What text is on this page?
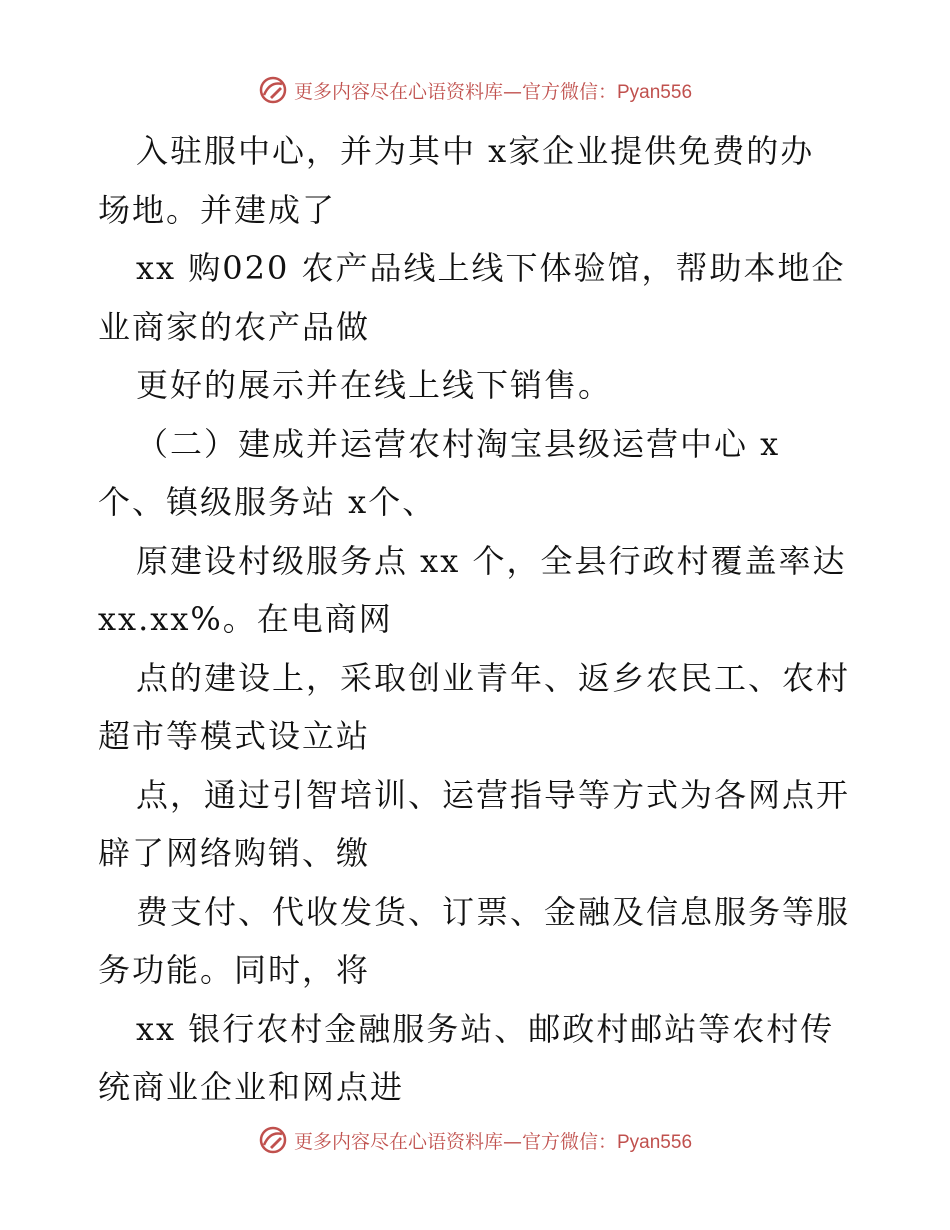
更多内容尽在心语资料库—官方微信：Pyan556
入驻服中心，并为其中 x家企业提供免费的办
场地。并建成了
xx 购020 农产品线上线下体验馆，帮助本地企
业商家的农产品做
更好的展示并在线上线下销售。
（二）建成并运营农村淘宝县级运营中心 x
个、镇级服务站 x个、
原建设村级服务点 xx 个，全县行政村覆盖率达
xx.xx%。在电商网
点的建设上，采取创业青年、返乡农民工、农村
超市等模式设立站
点，通过引智培训、运营指导等方式为各网点开
辟了网络购销、缴
费支付、代收发货、订票、金融及信息服务等服
务功能。同时，将
xx 银行农村金融服务站、邮政村邮站等农村传
统商业企业和网点进
更多内容尽在心语资料库—官方微信：Pyan556
